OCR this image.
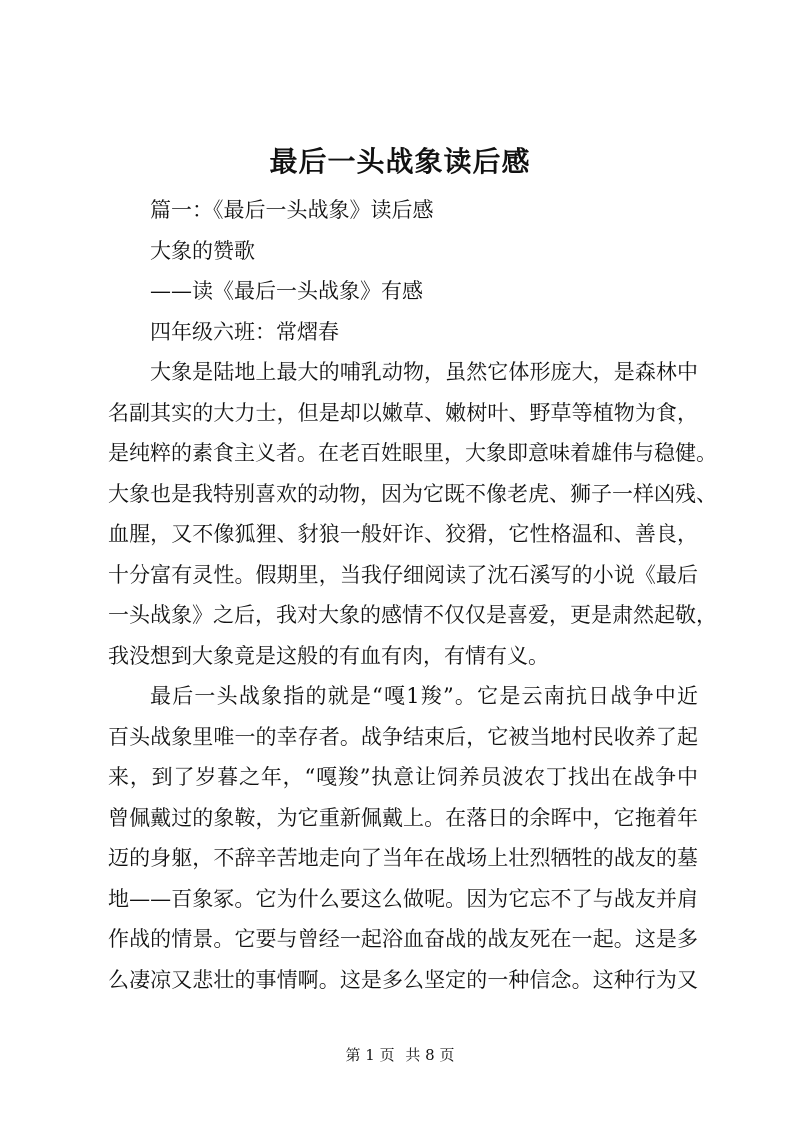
最后一头战象读后感

篇一：《最后一头战象》读后感

大象的赞歌

——读《最后一头战象》有感

四年级六班：常熠春

大象是陆地上最大的哺乳动物，虽然它体形庞大，是森林中

名副其实的大力士，但是却以嫩草、嫩树叶、野草等植物为食，

是纯粹的素食主义者。在老百姓眼里，大象即意味着雄伟与稳健。

大象也是我特别喜欢的动物，因为它既不像老虎、狮子一样凶残、

血腥，又不像狐狸、豺狼一般奸诈、狡猾，它性格温和、善良，

十分富有灵性。假期里，当我仔细阅读了沈石溪写的小说《最后

一头战象》之后，我对大象的感情不仅仅是喜爱，更是肃然起敬，

我没想到大象竟是这般的有血有肉，有情有义。

最后一头战象指的就是“嘎1羧”。它是云南抗日战争中近

百头战象里唯一的幸存者。战争结束后，它被当地村民收养了起

来，到了岁暮之年，“嘎羧”执意让饲养员波农丁找出在战争中

曾佩戴过的象鞍，为它重新佩戴上。在落日的余晖中，它拖着年

迈的身躯，不辞辛苦地走向了当年在战场上壮烈牺牲的战友的墓

地——百象冢。它为什么要这么做呢。因为它忘不了与战友并肩

作战的情景。它要与曾经一起浴血奋战的战友死在一起。这是多

么凄凉又悲壮的事情啊。这是多么坚定的一种信念。这种行为又

第 1 页 共 8 页
